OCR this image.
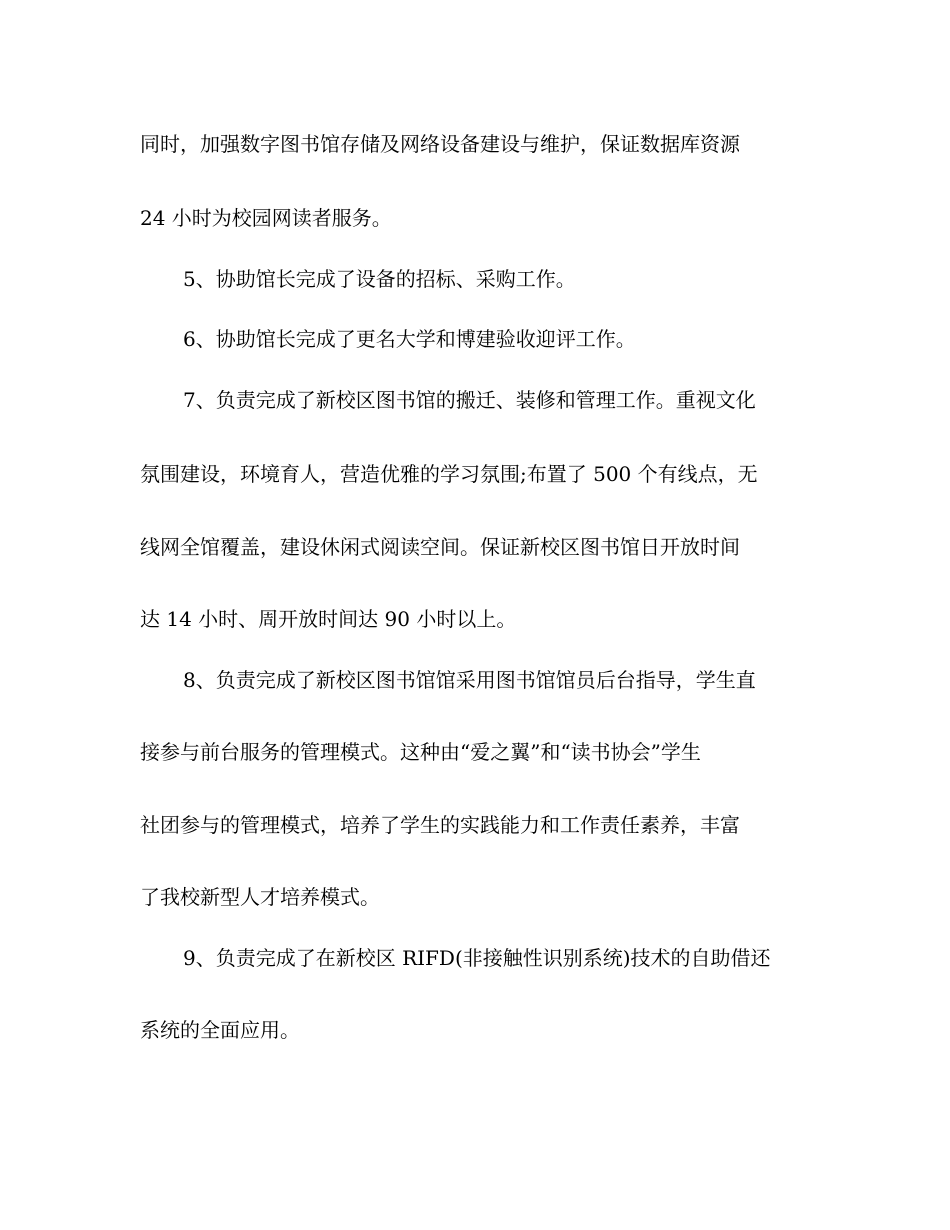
同时，加强数字图书馆存储及网络设备建设与维护，保证数据库资源

24 小时为校园网读者服务。

5、协助馆长完成了设备的招标、采购工作。

6、协助馆长完成了更名大学和博建验收迎评工作。

7、负责完成了新校区图书馆的搬迁、装修和管理工作。重视文化

氛围建设，环境育人，营造优雅的学习氛围;布置了 500 个有线点，无

线网全馆覆盖，建设休闲式阅读空间。保证新校区图书馆日开放时间

达 14 小时、周开放时间达 90 小时以上。

8、负责完成了新校区图书馆馆采用图书馆馆员后台指导，学生直

接参与前台服务的管理模式。这种由“爱之翼”和“读书协会”学生

社团参与的管理模式，培养了学生的实践能力和工作责任素养，丰富

了我校新型人才培养模式。

9、负责完成了在新校区 RIFD(非接触性识别系统)技术的自助借还

系统的全面应用。
